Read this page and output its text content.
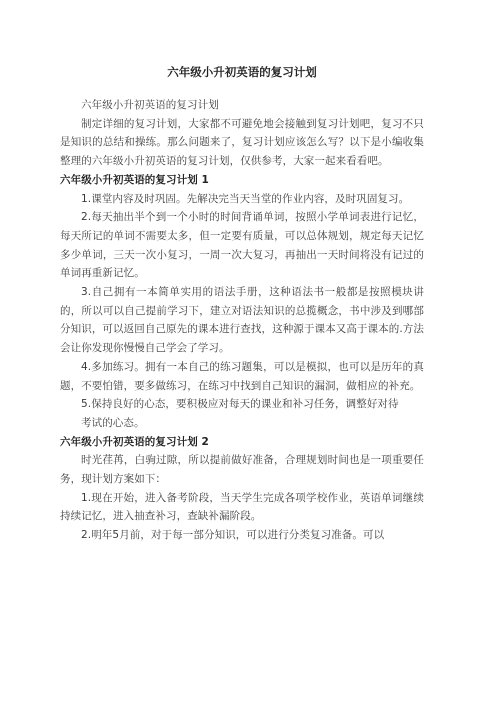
六年级小升初英语的复习计划

六年级小升初英语的复习计划

制定详细的复习计划，大家都不可避免地会接触到复习计划吧，复习不只是知识的总结和操练。那么问题来了，复习计划应该怎么写？以下是小编收集整理的六年级小升初英语的复习计划，仅供参考，大家一起来看看吧。

六年级小升初英语的复习计划 1

1.课堂内容及时巩固。先解决完当天当堂的作业内容，及时巩固复习。

2.每天抽出半个到一个小时的时间背诵单词，按照小学单词表进行记忆，每天所记的单词不需要太多，但一定要有质量，可以总体规划，规定每天记忆多少单词，三天一次小复习，一周一次大复习，再抽出一天时间将没有记过的单词再重新记忆。

3.自己拥有一本简单实用的语法手册，这种语法书一般都是按照模块讲的，所以可以自己提前学习下，建立对语法知识的总揽概念，书中涉及到哪部分知识，可以返回自己原先的课本进行查找，这种源于课本又高于课本的.方法会让你发现你慢慢自己学会了学习。

4.多加练习。拥有一本自己的练习题集，可以是模拟，也可以是历年的真题，不要怕错，要多做练习，在练习中找到自己知识的漏洞，做相应的补充。

5.保持良好的心态，要积极应对每天的课业和补习任务，调整好对待

考试的心态。

六年级小升初英语的复习计划 2

时光荏苒，白驹过隙，所以提前做好准备，合理规划时间也是一项重要任务，现计划方案如下：

1.现在开始，进入备考阶段，当天学生完成各项学校作业，英语单词继续持续记忆，进入抽查补习，查缺补漏阶段。

2.明年5月前，对于每一部分知识，可以进行分类复习准备。可以
